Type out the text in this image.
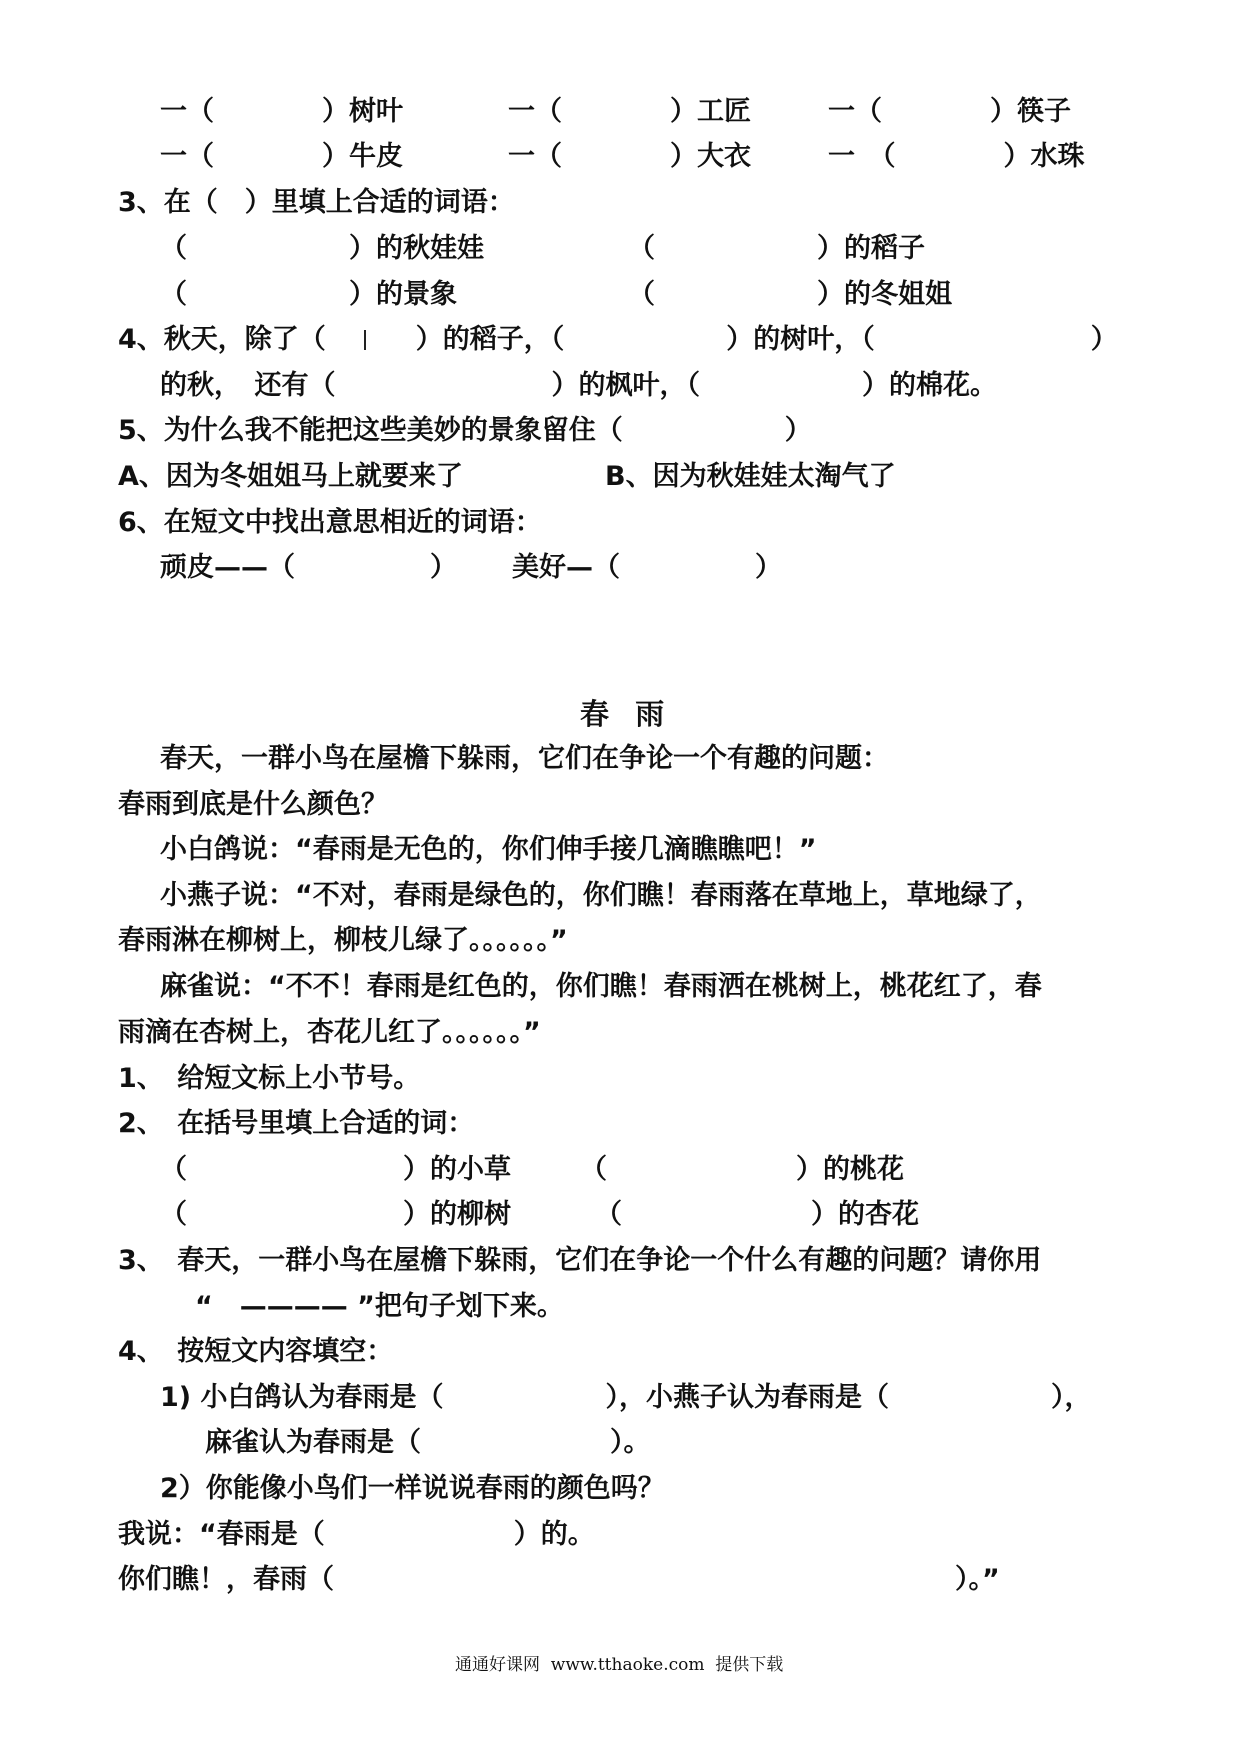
一（　　　　）树叶	一（　　　　）工匠	一（　　　　）筷子
一（　　　　）牛皮	一（　　　　）大衣	一　（　　　　）水珠
3、在（　）里填上合适的词语：
（　　　　　　）的秋娃娃	（　　　　　　）的稻子
（　　　　　　）的景象	（　　　　　　）的冬姐姐
4、秋天，除了（	）的稻子，（　　　　　　）的树叶，（　　　　　　　　）
的秋，　还有（　　　　　　　　）的枫叶，（　　　　　　）的棉花。
5、为什么我不能把这些美妙的景象留住（　　　　　　）
A、因为冬姐姐马上就要来了	B、因为秋娃娃太淘气了
6、在短文中找出意思相近的词语：
顽皮——（　　　　　） 美好—（　　　　　）
春  雨
春天，一群小鸟在屋檐下躲雨，它们在争论一个有趣的问题：
春雨到底是什么颜色？
小白鸽说：“春雨是无色的，你们伸手接几滴瞧瞧吧！”
小燕子说：“不对，春雨是绿色的，你们瞧！春雨落在草地上，草地绿了，
春雨淋在柳树上，柳枝儿绿了。。。。。。”
麻雀说：“不不！春雨是红色的，你们瞧！春雨洒在桃树上，桃花红了，春
雨滴在杏树上，杏花儿红了。。。。。。”
1、　给短文标上小节号。
2、　在括号里填上合适的词：
（　　　　　　　　）的小草	（　　　　　　　）的桃花
（　　　　　　　　）的柳树	（　　　　　　　）的杏花
3、　春天，一群小鸟在屋檐下躲雨，它们在争论一个什么有趣的问题？请你用
“　———— ”把句子划下来。
4、　按短文内容填空：
1) 小白鸽认为春雨是（　　　　　　），小燕子认为春雨是（　　　　　　），
麻雀认为春雨是（　　　　　　　）。
2）你能像小鸟们一样说说春雨的颜色吗？
我说：“春雨是（　　　　　　　）的。
你们瞧！，春雨（　　　　　　　　　　　　　　　　　　　　　　　）。”
通通好课网  www.tthaoke.com  提供下载
